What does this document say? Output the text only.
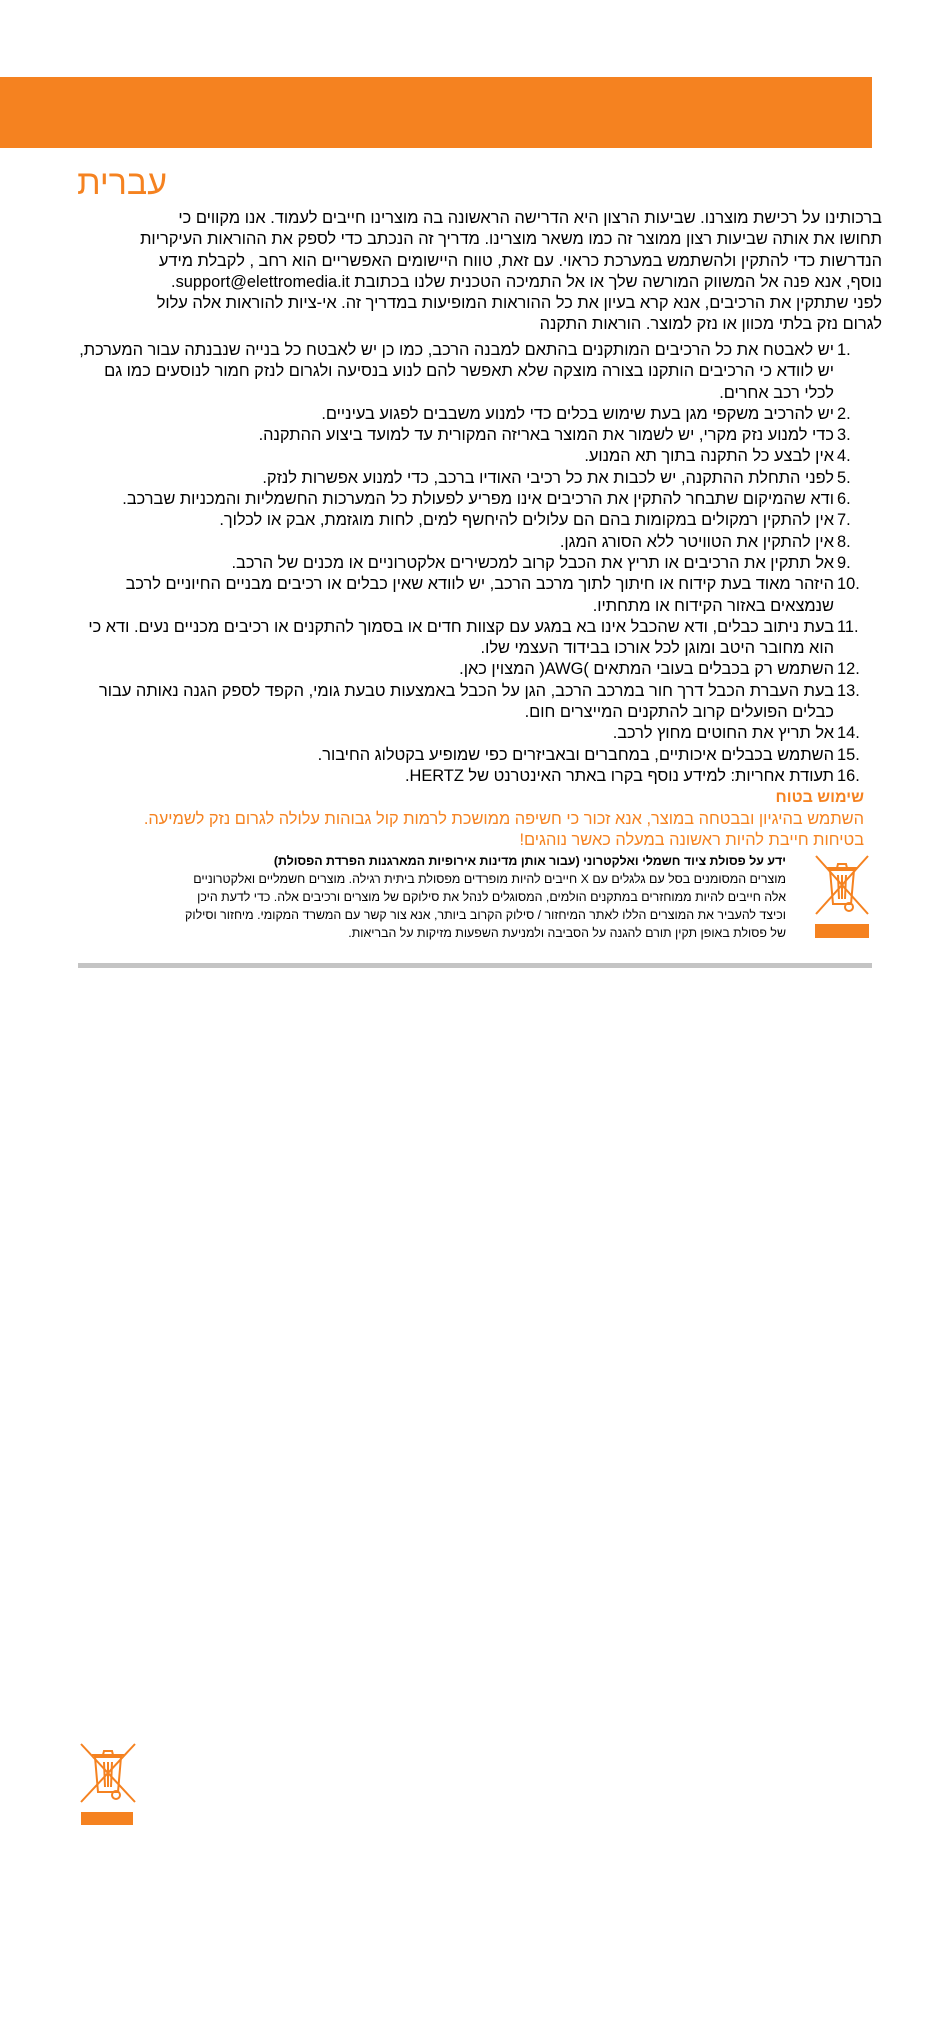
עברית

ברכותינו על רכישת מוצרנו. שביעות הרצון היא הדרישה הראשונה בה מוצרינו חייבים לעמוד. אנו מקווים כי

תחושו את אותה שביעות רצון ממוצר זה כמו משאר מוצרינו. מדריך זה הנכתב כדי לספק את ההוראות העיקריות

הנדרשות כדי להתקין ולהשתמש במערכת כראוי. עם זאת, טווח היישומים האפשריים הוא רחב , לקבלת מידע

נוסף, אנא פנה אל המשווק המורשה שלך או אל התמיכה הטכנית שלנו בכתובת support@elettromedia.it.

לפני שתתקין את הרכיבים, אנא קרא בעיון את כל ההוראות המופיעות במדריך זה. אי-ציות להוראות אלה עלול

לגרום נזק בלתי מכוון או נזק למוצר. הוראות התקנה

1.
יש לאבטח את כל הרכיבים המותקנים בהתאם למבנה הרכב, כמו כן יש לאבטח כל בנייה שנבנתה עבור המערכת, יש לוודא כי הרכיבים הותקנו בצורה מוצקה שלא תאפשר להם לנוע בנסיעה ולגרום לנזק חמור לנוסעים כמו גם לכלי רכב אחרים.
2.
יש להרכיב משקפי מגן בעת שימוש בכלים כדי למנוע משבבים לפגוע בעיניים.
3.
כדי למנוע נזק מקרי, יש לשמור את המוצר באריזה המקורית עד למועד ביצוע ההתקנה.
4.
אין לבצע כל התקנה בתוך תא המנוע.
5.
לפני התחלת ההתקנה, יש לכבות את כל רכיבי האודיו ברכב, כדי למנוע אפשרות לנזק.
6.
ודא שהמיקום שתבחר להתקין את הרכיבים אינו מפריע לפעולת כל המערכות החשמליות והמכניות שברכב.
7.
אין להתקין רמקולים במקומות בהם הם עלולים להיחשף למים, לחות מוגזמת, אבק או לכלוך.
8.
אין להתקין את הטוויטר ללא הסורג המגן.
9.
אל תתקין את הרכיבים או תריץ את הכבל קרוב למכשירים אלקטרוניים או מכנים של הרכב.
10.
היזהר מאוד בעת קידוח או חיתוך לתוך מרכב הרכב, יש לוודא שאין כבלים או רכיבים מבניים החיוניים לרכב שנמצאים באזור הקידוח או מתחתיו.
11.
בעת ניתוב כבלים, ודא שהכבל אינו בא במגע עם קצוות חדים או בסמוך להתקנים או רכיבים מכניים נעים. ודא כי הוא מחובר היטב ומוגן לכל אורכו בבידוד העצמי שלו.
12.
השתמש רק בכבלים בעובי המתאים )AWG( המצוין כאן.
13.
בעת העברת הכבל דרך חור במרכב הרכב, הגן על הכבל באמצעות טבעת גומי, הקפד לספק הגנה נאותה עבור כבלים הפועלים קרוב להתקנים המייצרים חום.
14.
אל תריץ את החוטים מחוץ לרכב.
15.
השתמש בכבלים איכותיים, במחברים ובאביזרים כפי שמופיע בקטלוג החיבור.
16.
תעודת אחריות: למידע נוסף בקרו באתר האינטרנט של HERTZ.

שימוש בטוח

השתמש בהיגיון ובבטחה במוצר, אנא זכור כי חשיפה ממושכת לרמות קול גבוהות עלולה לגרום נזק לשמיעה.
בטיחות חייבת להיות ראשונה במעלה כאשר נוהגים!

ידע על פסולת ציוד חשמלי ואלקטרוני (עבור אותן מדינות אירופיות המארגנות הפרדת הפסולת)

מוצרים המסומנים בסל עם גלגלים עם X חייבים להיות מופרדים מפסולת ביתית רגילה. מוצרים חשמליים ואלקטרוניים

אלה חייבים להיות ממוחזרים במתקנים הולמים, המסוגלים לנהל את סילוקם של מוצרים ורכיבים אלה. כדי לדעת היכן

וכיצד להעביר את המוצרים הללו לאתר המיחזור / סילוק הקרוב ביותר, אנא צור קשר עם המשרד המקומי. מיחזור וסילוק

של פסולת באופן תקין תורם להגנה על הסביבה ולמניעת השפעות מזיקות על הבריאות.
